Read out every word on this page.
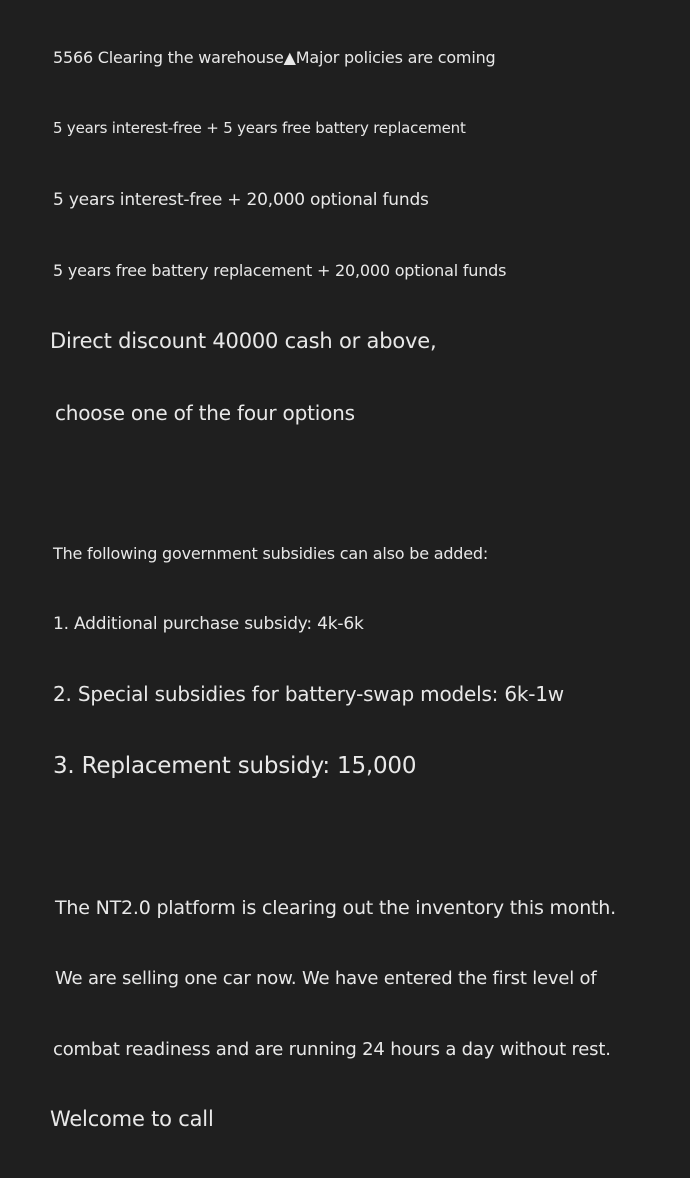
5566 Clearing the warehouse▲Major policies are coming
5 years interest-free + 5 years free battery replacement
5 years interest-free + 20,000 optional funds
5 years free battery replacement + 20,000 optional funds
Direct discount 40000 cash or above,
choose one of the four options
The following government subsidies can also be added:
1. Additional purchase subsidy: 4k-6k
2. Special subsidies for battery-swap models: 6k-1w
3. Replacement subsidy: 15,000
The NT2.0 platform is clearing out the inventory this month.
We are selling one car now. We have entered the first level of
combat readiness and are running 24 hours a day without rest.
Welcome to call
